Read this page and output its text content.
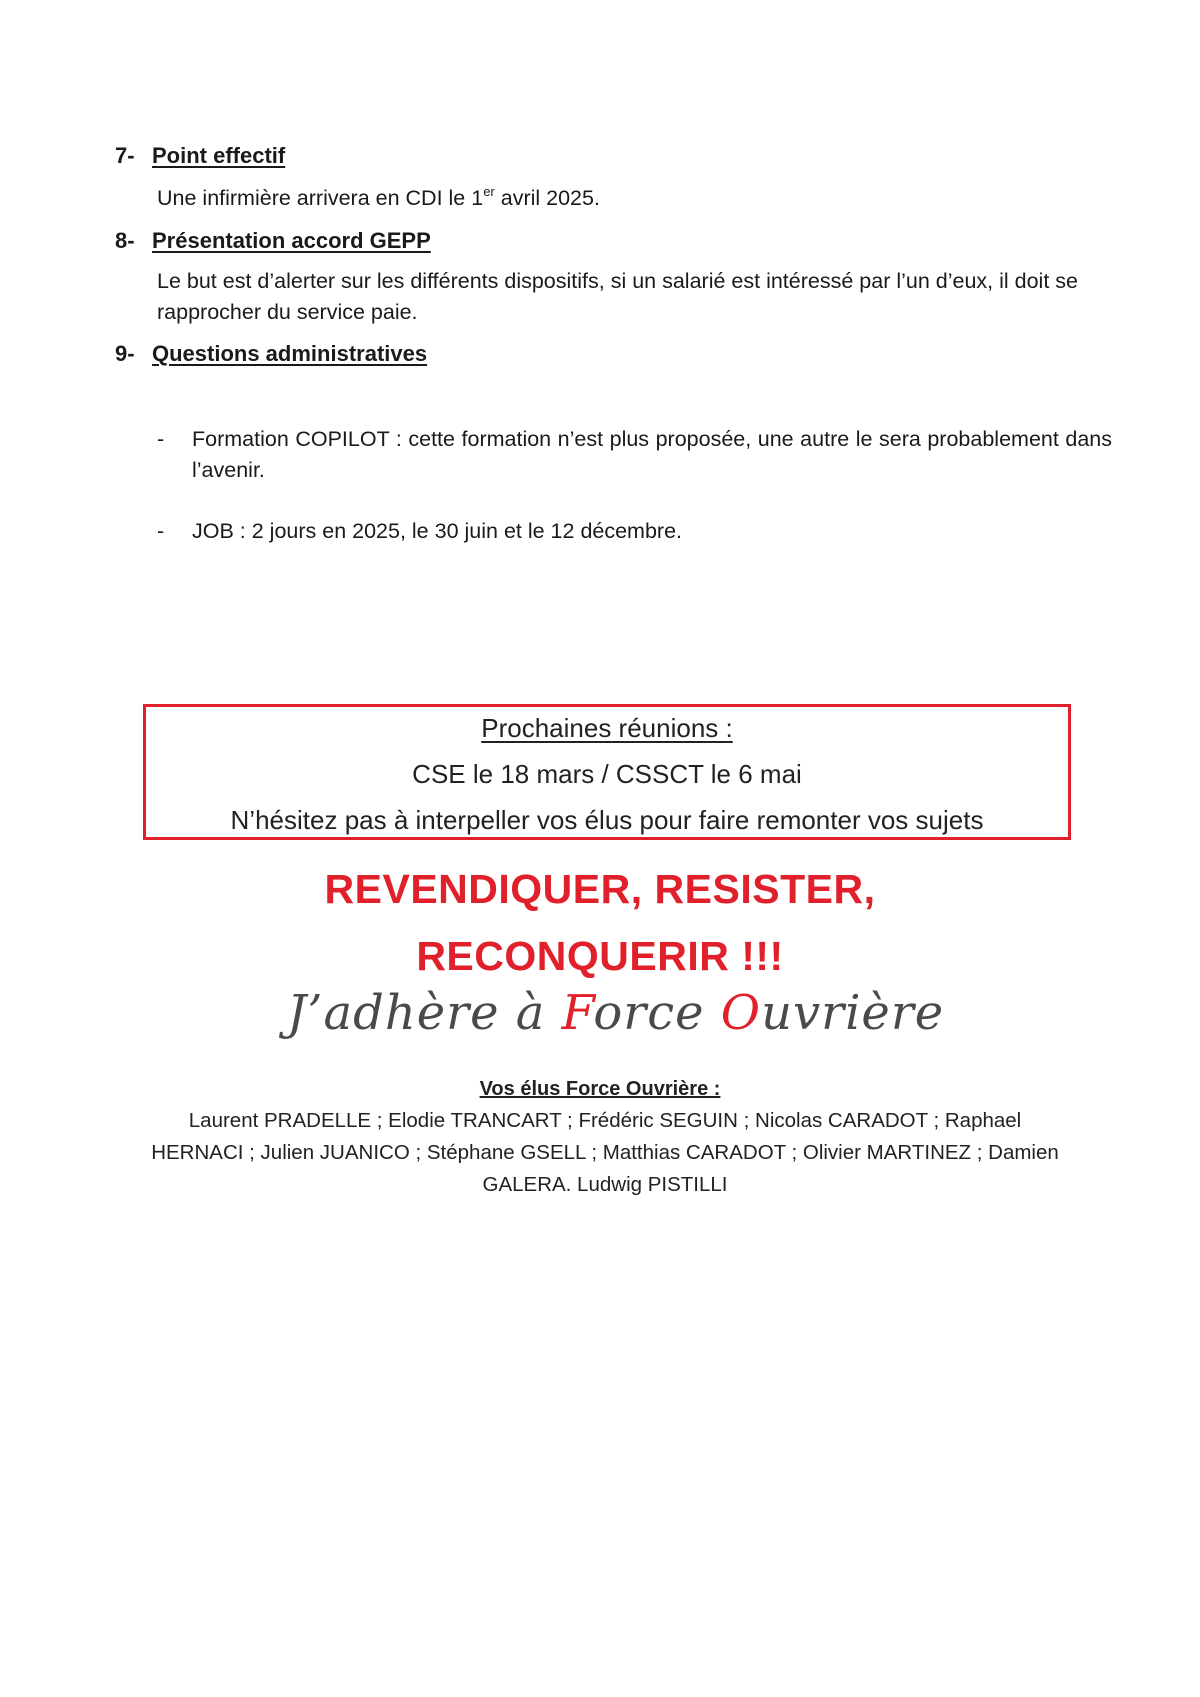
7- Point effectif
Une infirmière arrivera en CDI le 1er avril 2025.
8- Présentation accord GEPP
Le but est d’alerter sur les différents dispositifs, si un salarié est intéressé par l’un d’eux, il doit se rapprocher du service paie.
9- Questions administratives
- Formation COPILOT : cette formation n’est plus proposée, une autre le sera probablement dans l’avenir.
- JOB : 2 jours en 2025, le 30 juin et le 12 décembre.
Prochaines réunions :
CSE le 18 mars / CSSCT le 6 mai
N’hésitez pas à interpeller vos élus pour faire remonter vos sujets
REVENDIQUER, RESISTER,
RECONQUERIR !!!
J’adhère à Force Ouvrière
Vos élus Force Ouvrière :
Laurent PRADELLE ; Elodie TRANCART ; Frédéric SEGUIN ; Nicolas CARADOT ; Raphael HERNACI ; Julien JUANICO ; Stéphane GSELL ; Matthias CARADOT ; Olivier MARTINEZ ; Damien GALERA. Ludwig PISTILLI
